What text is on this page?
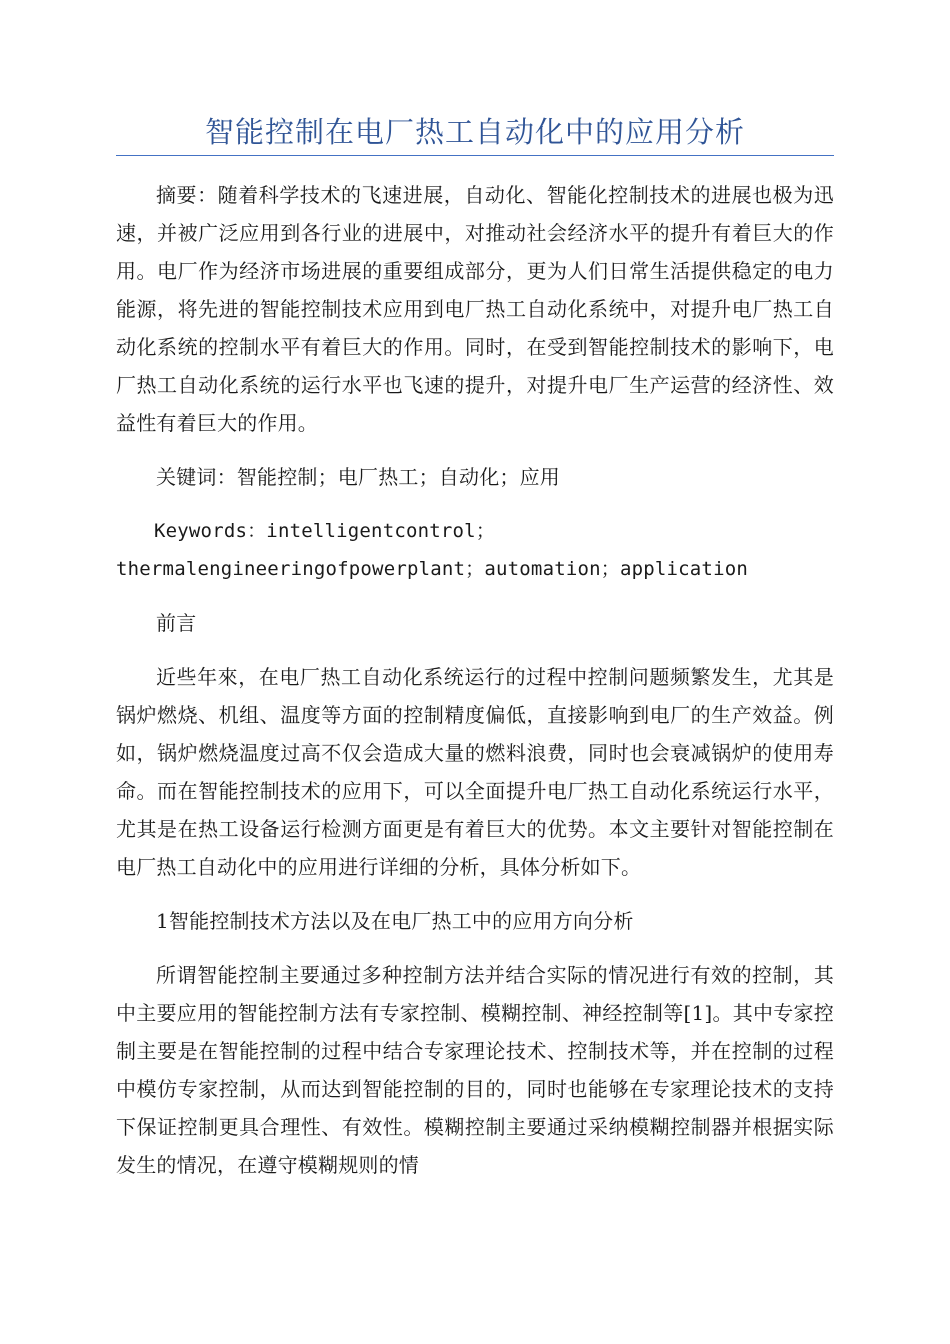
智能控制在电厂热工自动化中的应用分析

摘要：随着科学技术的飞速进展，自动化、智能化控制技术的进展也极为迅速，并被广泛应用到各行业的进展中，对推动社会经济水平的提升有着巨大的作用。电厂作为经济市场进展的重要组成部分，更为人们日常生活提供稳定的电力能源，将先进的智能控制技术应用到电厂热工自动化系统中，对提升电厂热工自动化系统的控制水平有着巨大的作用。同时，在受到智能控制技术的影响下，电厂热工自动化系统的运行水平也飞速的提升，对提升电厂生产运营的经济性、效益性有着巨大的作用。

关键词：智能控制；电厂热工；自动化；应用

Keywords：intelligentcontrol；thermalengineeringofpowerplant；automation；application

前言

近些年來，在电厂热工自动化系统运行的过程中控制问题频繁发生，尤其是锅炉燃烧、机组、温度等方面的控制精度偏低，直接影响到电厂的生产效益。例如，锅炉燃烧温度过高不仅会造成大量的燃料浪费，同时也会衰减锅炉的使用寿命。而在智能控制技术的应用下，可以全面提升电厂热工自动化系统运行水平，尤其是在热工设备运行检测方面更是有着巨大的优势。本文主要针对智能控制在电厂热工自动化中的应用进行详细的分析，具体分析如下。

1智能控制技术方法以及在电厂热工中的应用方向分析

所谓智能控制主要通过多种控制方法并结合实际的情况进行有效的控制，其中主要应用的智能控制方法有专家控制、模糊控制、神经控制等[1]。其中专家控制主要是在智能控制的过程中结合专家理论技术、控制技术等，并在控制的过程中模仿专家控制，从而达到智能控制的目的，同时也能够在专家理论技术的支持下保证控制更具合理性、有效性。模糊控制主要通过采纳模糊控制器并根据实际发生的情况，在遵守模糊规则的情
